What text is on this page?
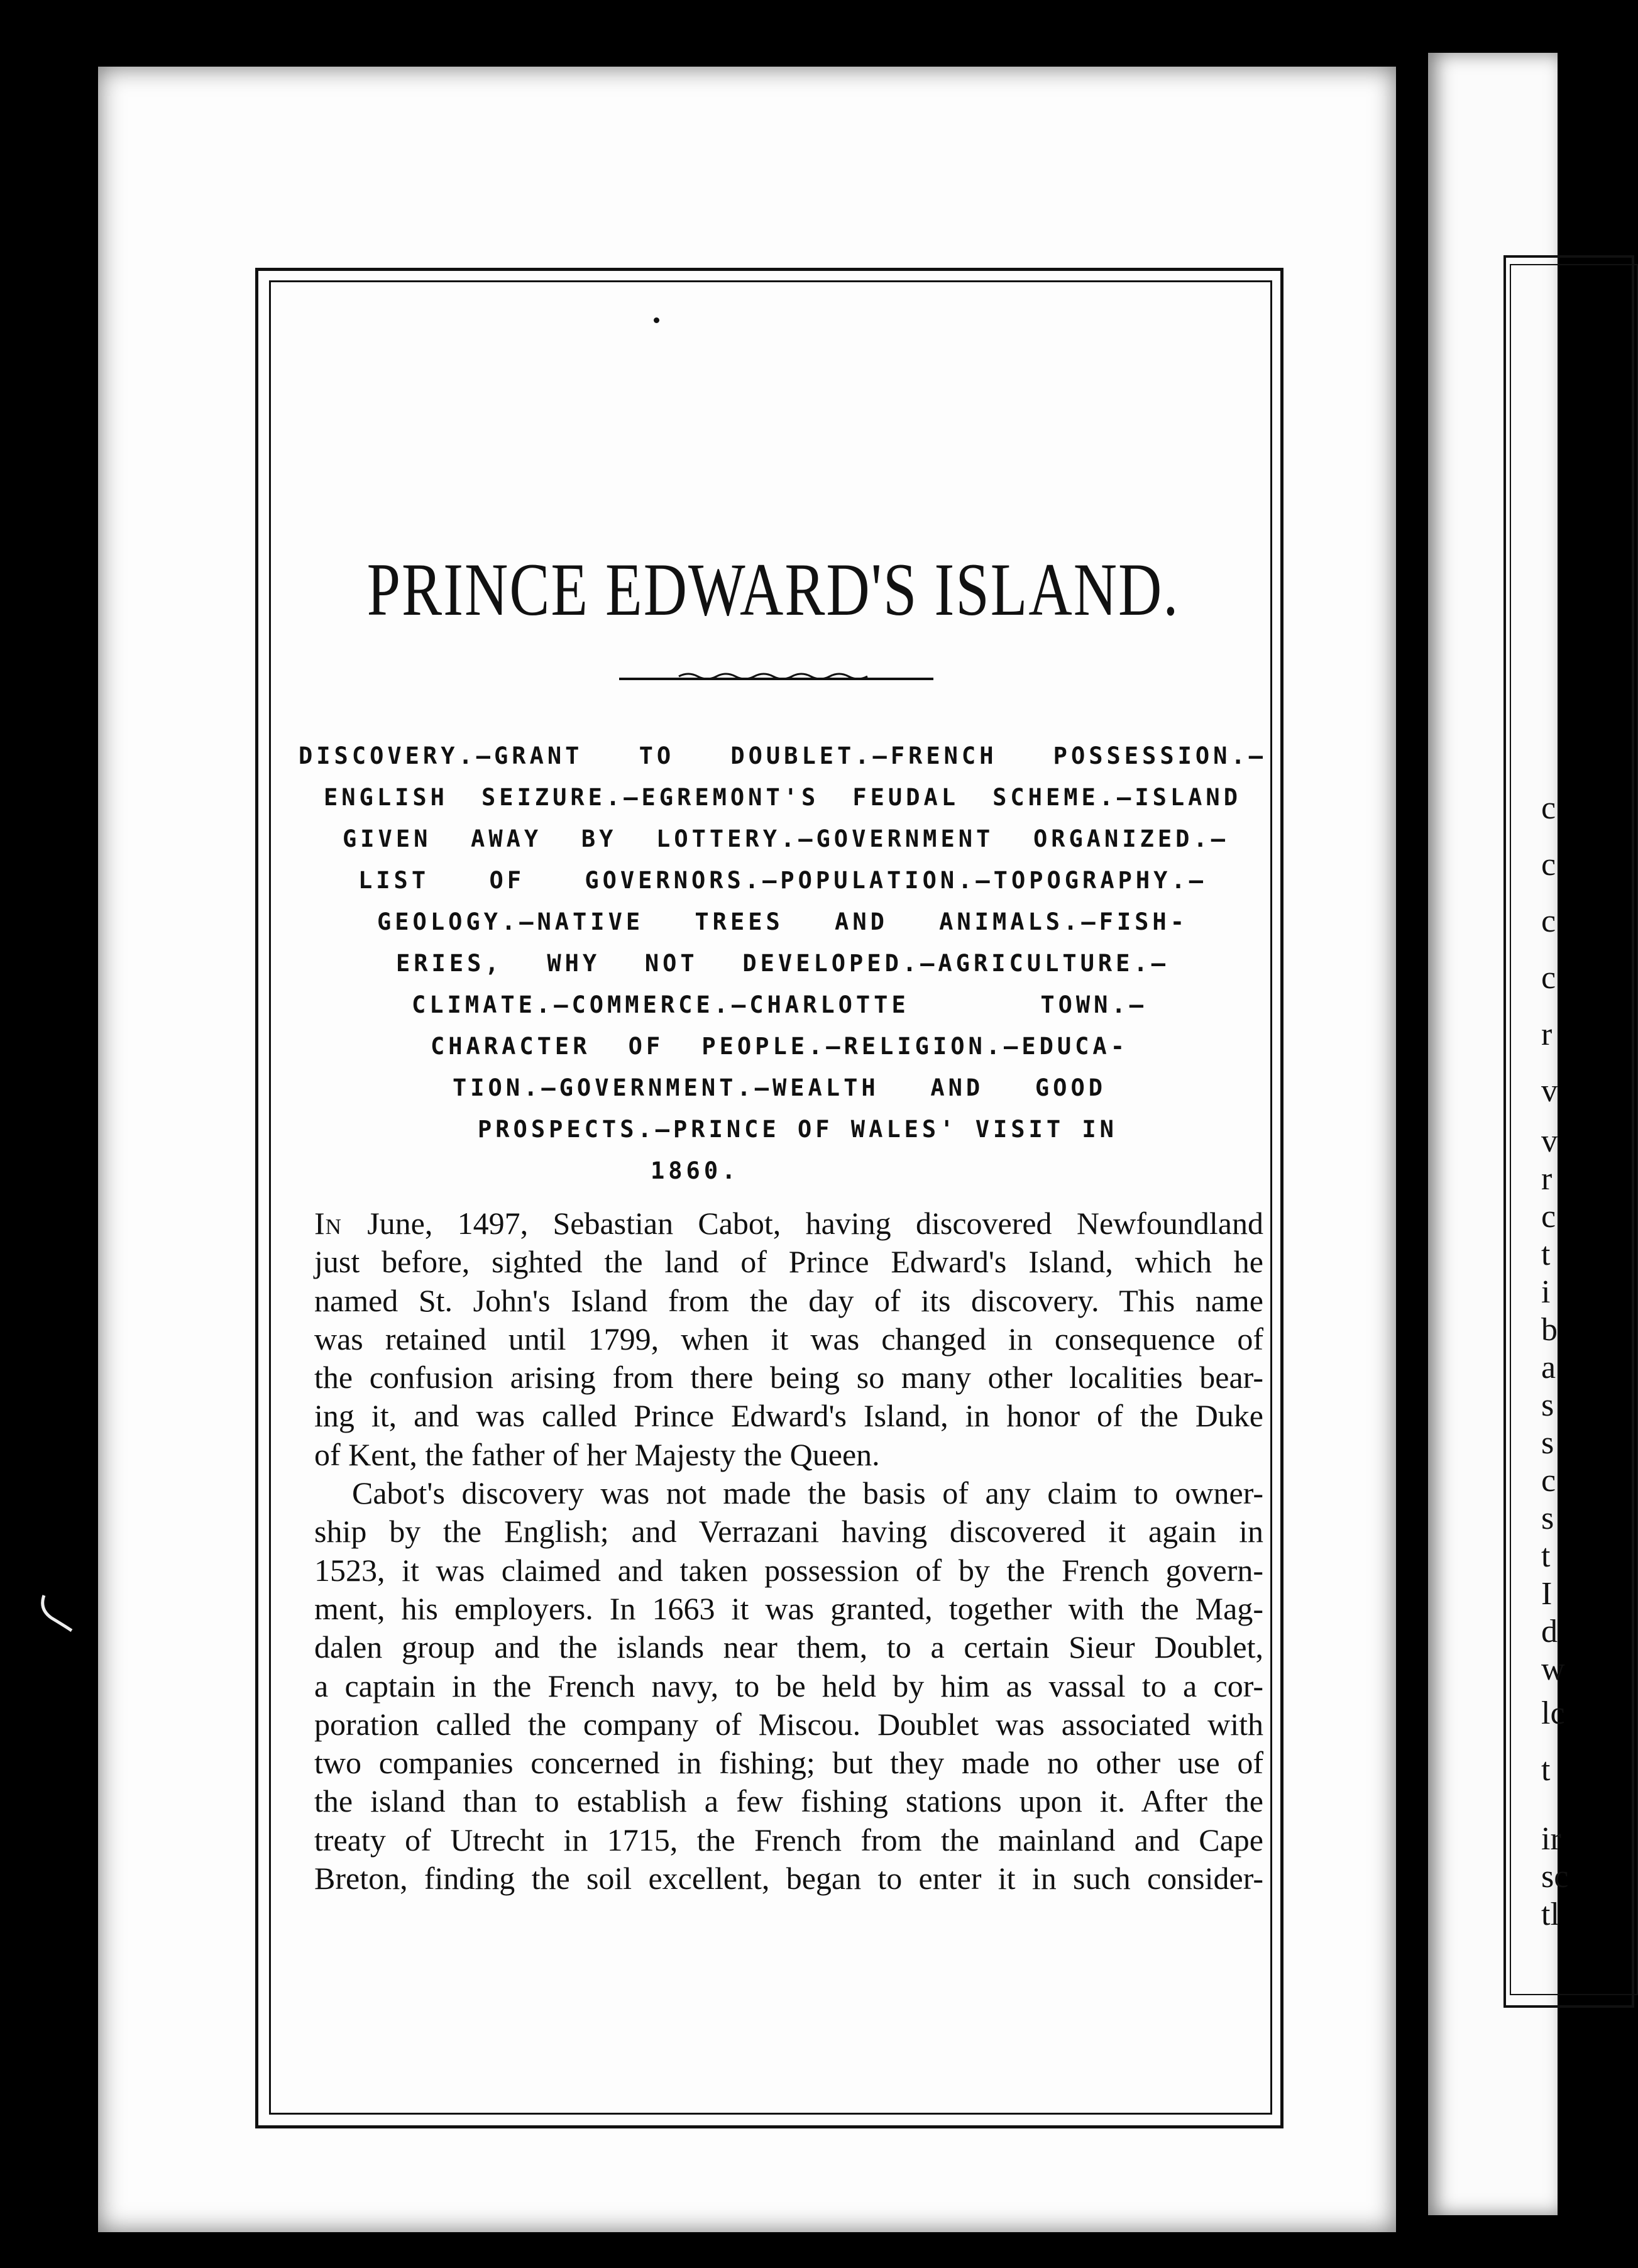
c
c
c
c
r
v
v
r
c
t
i
b
a
s
s
c
s
t
I
d
w
lc
t
ir
sc
tl
PRINCE EDWARD'S ISLAND.
DISCOVERY.—GRANT TO DOUBLET.—FRENCH POSSESSION.—
ENGLISH SEIZURE.—EGREMONT'S FEUDAL SCHEME.—ISLAND
GIVEN AWAY BY LOTTERY.—GOVERNMENT ORGANIZED.—
LIST OF GOVERNORS.—POPULATION.—TOPOGRAPHY.—
GEOLOGY.—NATIVE TREES AND ANIMALS.—FISH-
ERIES, WHY NOT DEVELOPED.—AGRICULTURE.—
CLIMATE.—COMMERCE.—CHARLOTTE TOWN.—
CHARACTER OF PEOPLE.—RELIGION.—EDUCA-
TION.—GOVERNMENT.—WEALTH AND GOOD
PROSPECTS.—PRINCE OF WALES' VISIT IN
1860.
In June, 1497, Sebastian Cabot, having discovered Newfoundland
just before, sighted the land of Prince Edward's Island, which he
named St. John's Island from the day of its discovery. This name
was retained until 1799, when it was changed in consequence of
the confusion arising from there being so many other localities bear-
ing it, and was called Prince Edward's Island, in honor of the Duke
of Kent, the father of her Majesty the Queen.
Cabot's discovery was not made the basis of any claim to owner-
ship by the English; and Verrazani having discovered it again in
1523, it was claimed and taken possession of by the French govern-
ment, his employers. In 1663 it was granted, together with the Mag-
dalen group and the islands near them, to a certain Sieur Doublet,
a captain in the French navy, to be held by him as vassal to a cor-
poration called the company of Miscou. Doublet was associated with
two companies concerned in fishing; but they made no other use of
the island than to establish a few fishing stations upon it. After the
treaty of Utrecht in 1715, the French from the mainland and Cape
Breton, finding the soil excellent, began to enter it in such consider-
